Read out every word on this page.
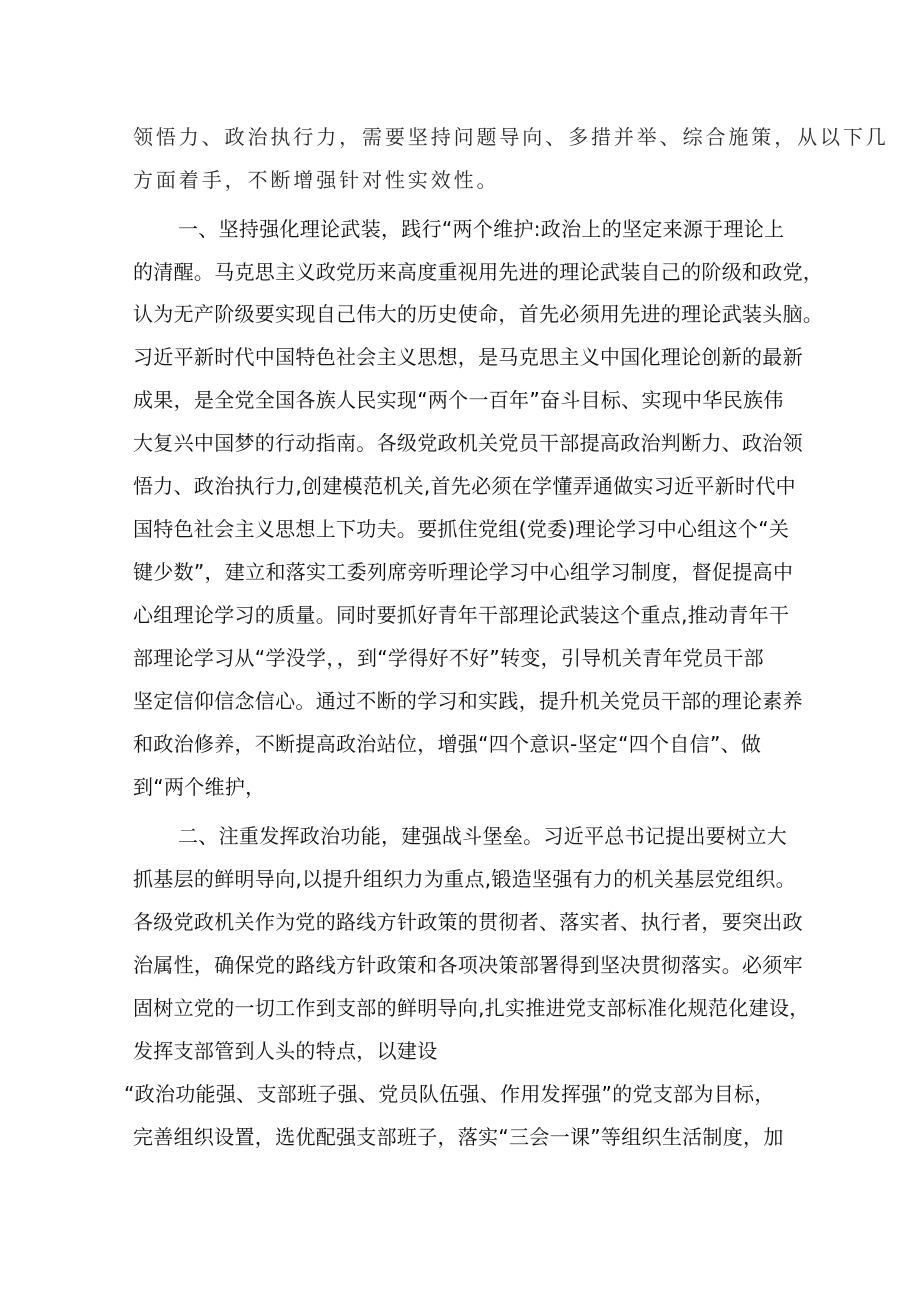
领悟力、政治执行力，需要坚持问题导向、多措并举、综合施策，从以下几

方面着手，不断增强针对性实效性。

一、坚持强化理论武装，践行“两个维护:政治上的坚定来源于理论上

的清醒。马克思主义政党历来高度重视用先进的理论武装自己的阶级和政党，

认为无产阶级要实现自己伟大的历史使命，首先必须用先进的理论武装头脑。

习近平新时代中国特色社会主义思想，是马克思主义中国化理论创新的最新

成果，是全党全国各族人民实现“两个一百年”奋斗目标、实现中华民族伟

大复兴中国梦的行动指南。各级党政机关党员干部提高政治判断力、政治领

悟力、政治执行力,创建模范机关,首先必须在学懂弄通做实习近平新时代中

国特色社会主义思想上下功夫。要抓住党组(党委)理论学习中心组这个“关

键少数”，建立和落实工委列席旁听理论学习中心组学习制度，督促提高中

心组理论学习的质量。同时要抓好青年干部理论武装这个重点,推动青年干

部理论学习从“学没学，，到“学得好不好”转变，引导机关青年党员干部

坚定信仰信念信心。通过不断的学习和实践，提升机关党员干部的理论素养

和政治修养，不断提高政治站位，增强“四个意识-坚定“四个自信”、做

到“两个维护，

二、注重发挥政治功能，建强战斗堡垒。习近平总书记提出要树立大

抓基层的鲜明导向,以提升组织力为重点,锻造坚强有力的机关基层党组织。

各级党政机关作为党的路线方针政策的贯彻者、落实者、执行者，要突出政

治属性，确保党的路线方针政策和各项决策部署得到坚决贯彻落实。必须牢

固树立党的一切工作到支部的鲜明导向,扎实推进党支部标准化规范化建设，

发挥支部管到人头的特点，以建设

“政治功能强、支部班子强、党员队伍强、作用发挥强”的党支部为目标，

完善组织设置，选优配强支部班子，落实“三会一课”等组织生活制度，加
